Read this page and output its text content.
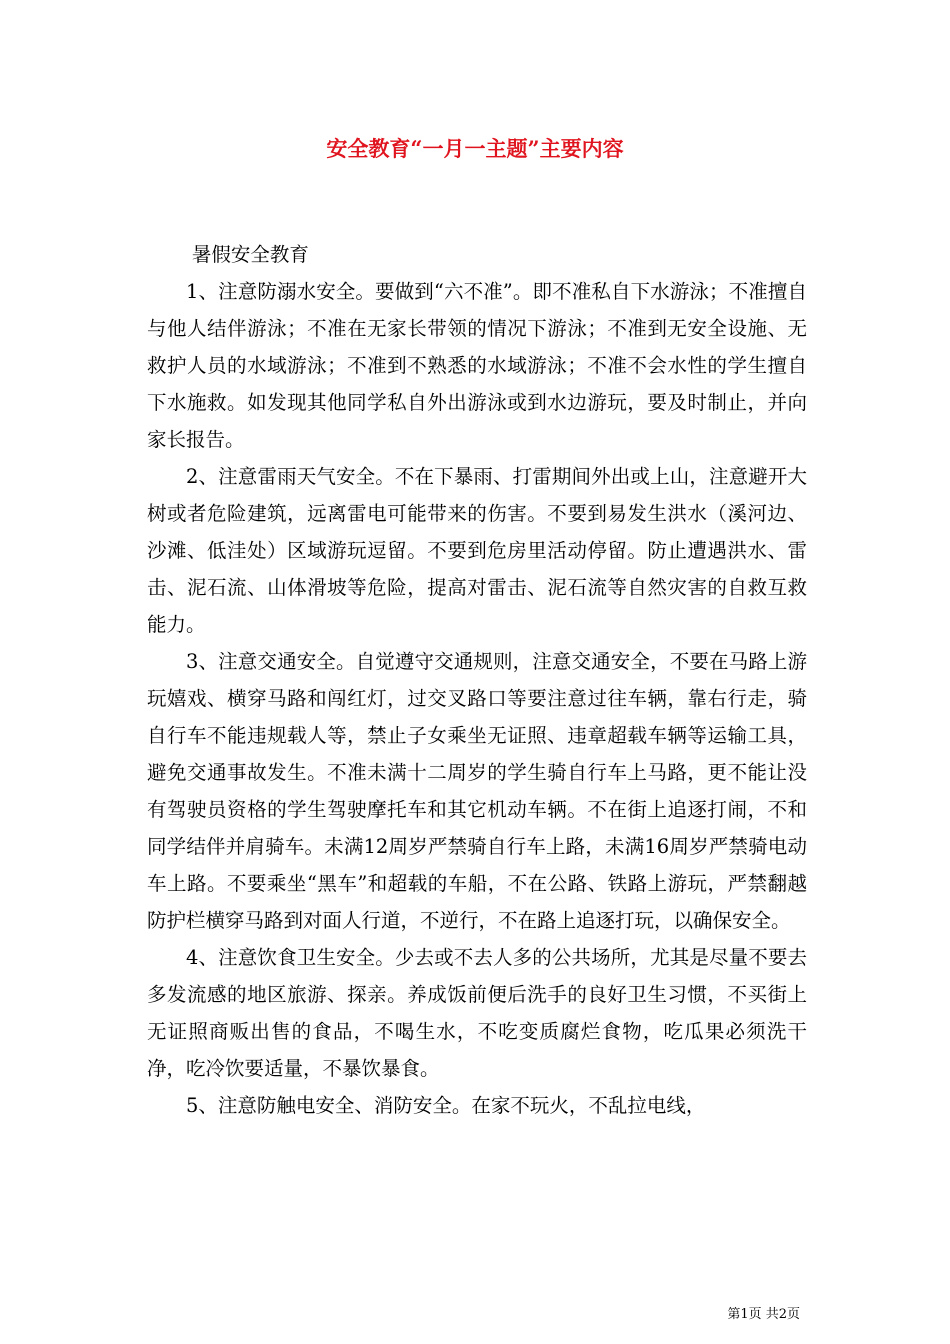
安全教育“一月一主题”主要内容

暑假安全教育

1、注意防溺水安全。要做到“六不准”。即不准私自下水游泳；不准擅自与他人结伴游泳；不准在无家长带领的情况下游泳；不准到无安全设施、无救护人员的水域游泳；不准到不熟悉的水域游泳；不准不会水性的学生擅自下水施救。如发现其他同学私自外出游泳或到水边游玩，要及时制止，并向家长报告。

2、注意雷雨天气安全。不在下暴雨、打雷期间外出或上山，注意避开大树或者危险建筑，远离雷电可能带来的伤害。不要到易发生洪水（溪河边、沙滩、低洼处）区域游玩逗留。不要到危房里活动停留。防止遭遇洪水、雷击、泥石流、山体滑坡等危险，提高对雷击、泥石流等自然灾害的自救互救能力。

3、注意交通安全。自觉遵守交通规则，注意交通安全，不要在马路上游玩嬉戏、横穿马路和闯红灯，过交叉路口等要注意过往车辆，靠右行走，骑自行车不能违规载人等，禁止子女乘坐无证照、违章超载车辆等运输工具，避免交通事故发生。不准未满十二周岁的学生骑自行车上马路，更不能让没有驾驶员资格的学生驾驶摩托车和其它机动车辆。不在街上追逐打闹，不和同学结伴并肩骑车。未满12周岁严禁骑自行车上路，未满16周岁严禁骑电动车上路。不要乘坐“黑车”和超载的车船，不在公路、铁路上游玩，严禁翻越防护栏横穿马路到对面人行道，不逆行，不在路上追逐打玩，以确保安全。

4、注意饮食卫生安全。少去或不去人多的公共场所，尤其是尽量不要去多发流感的地区旅游、探亲。养成饭前便后洗手的良好卫生习惯，不买街上无证照商贩出售的食品，不喝生水，不吃变质腐烂食物，吃瓜果必须洗干净，吃冷饮要适量，不暴饮暴食。

5、注意防触电安全、消防安全。在家不玩火，不乱拉电线，

第1页 共2页
